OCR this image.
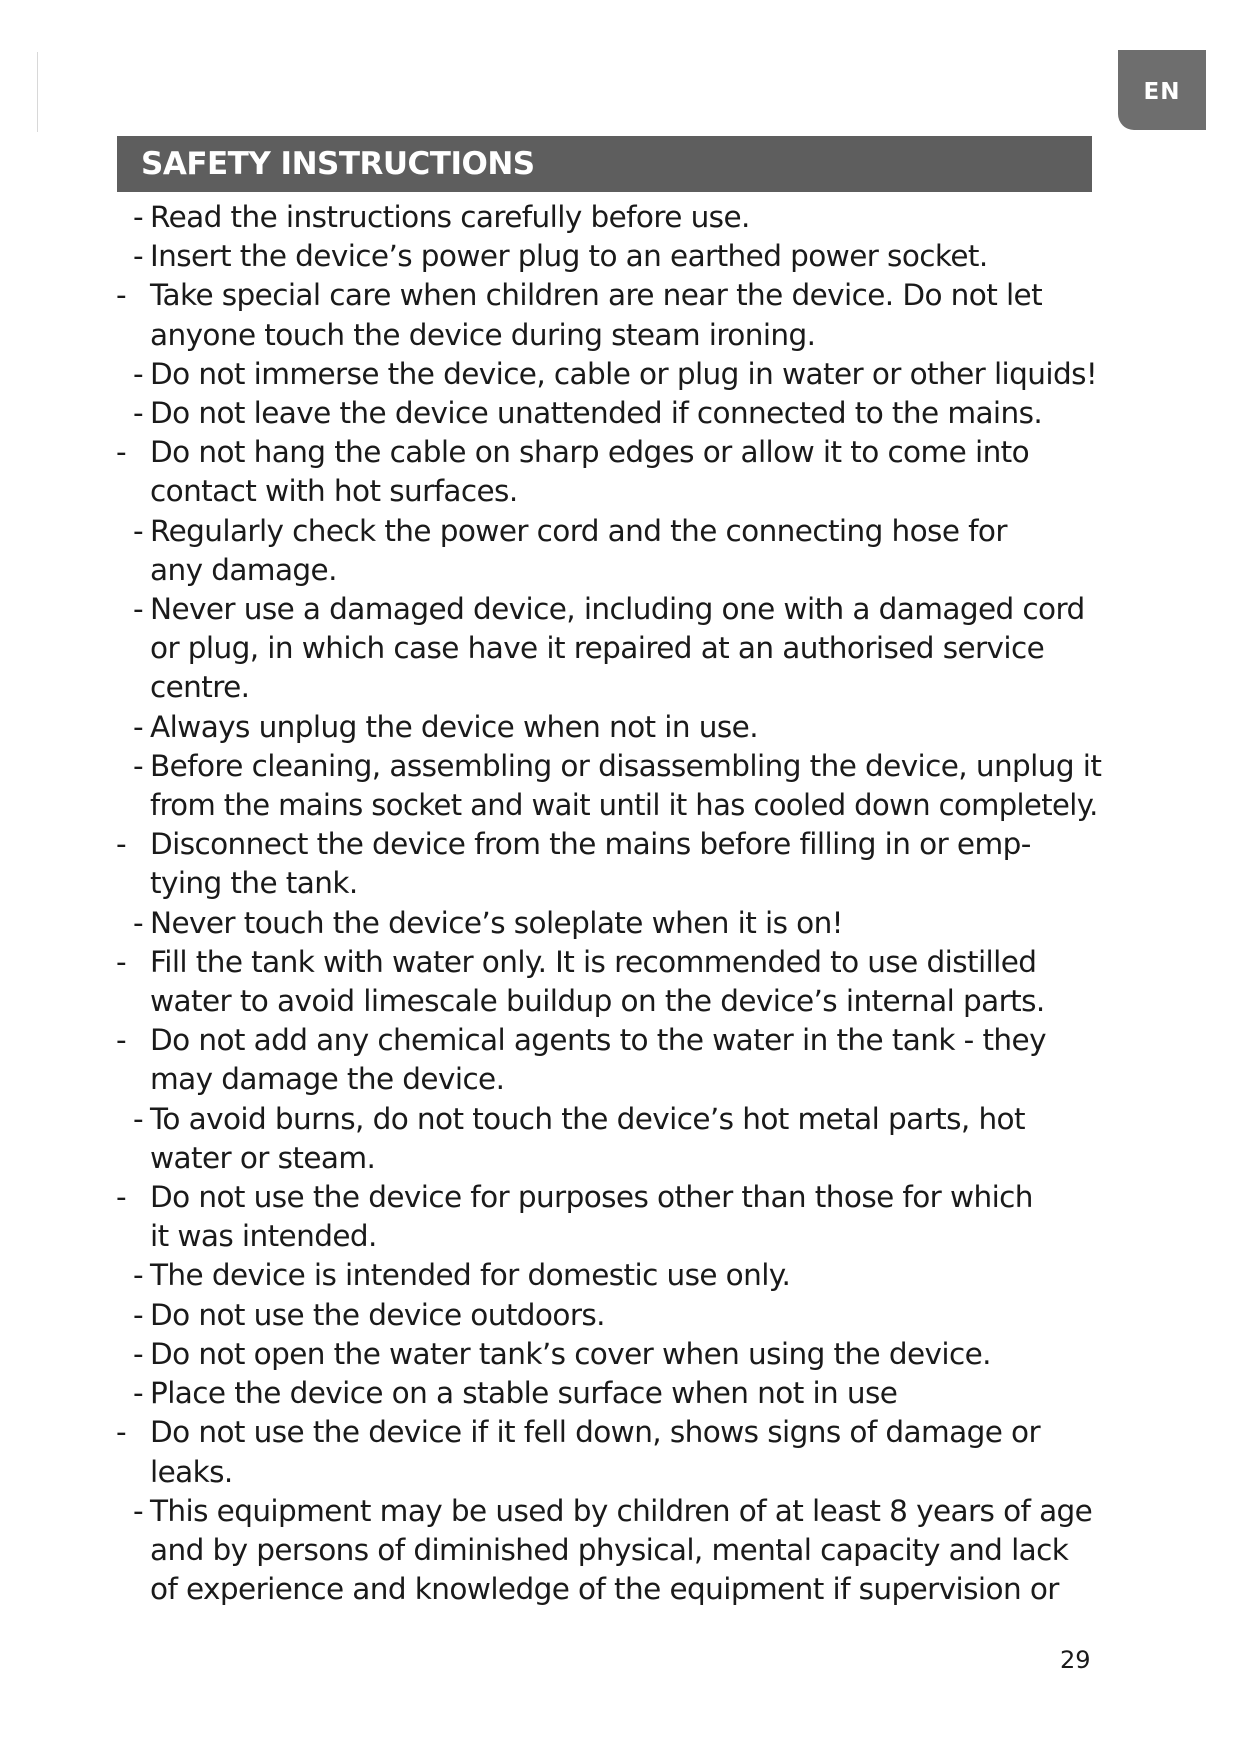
EN
SAFETY INSTRUCTIONS
- Read the instructions carefully before use.
- Insert the device’s power plug to an earthed power socket.
- Take special care when children are near the device. Do not let
anyone touch the device during steam ironing.
- Do not immerse the device, cable or plug in water or other liquids!
- Do not leave the device unattended if connected to the mains.
- Do not hang the cable on sharp edges or allow it to come into
contact with hot surfaces.
- Regularly check the power cord and the connecting hose for
any damage.
- Never use a damaged device, including one with a damaged cord
or plug, in which case have it repaired at an authorised service
centre.
- Always unplug the device when not in use.
- Before cleaning, assembling or disassembling the device, unplug it
from the mains socket and wait until it has cooled down completely.
- Disconnect the device from the mains before filling in or emp-
tying the tank.
- Never touch the device’s soleplate when it is on!
- Fill the tank with water only. It is recommended to use distilled
water to avoid limescale buildup on the device’s internal parts.
- Do not add any chemical agents to the water in the tank - they
may damage the device.
- To avoid burns, do not touch the device’s hot metal parts, hot
water or steam.
- Do not use the device for purposes other than those for which
it was intended.
- The device is intended for domestic use only.
- Do not use the device outdoors.
- Do not open the water tank’s cover when using the device.
- Place the device on a stable surface when not in use
- Do not use the device if it fell down, shows signs of damage or
leaks.
- This equipment may be used by children of at least 8 years of age
and by persons of diminished physical, mental capacity and lack
of experience and knowledge of the equipment if supervision or
29
